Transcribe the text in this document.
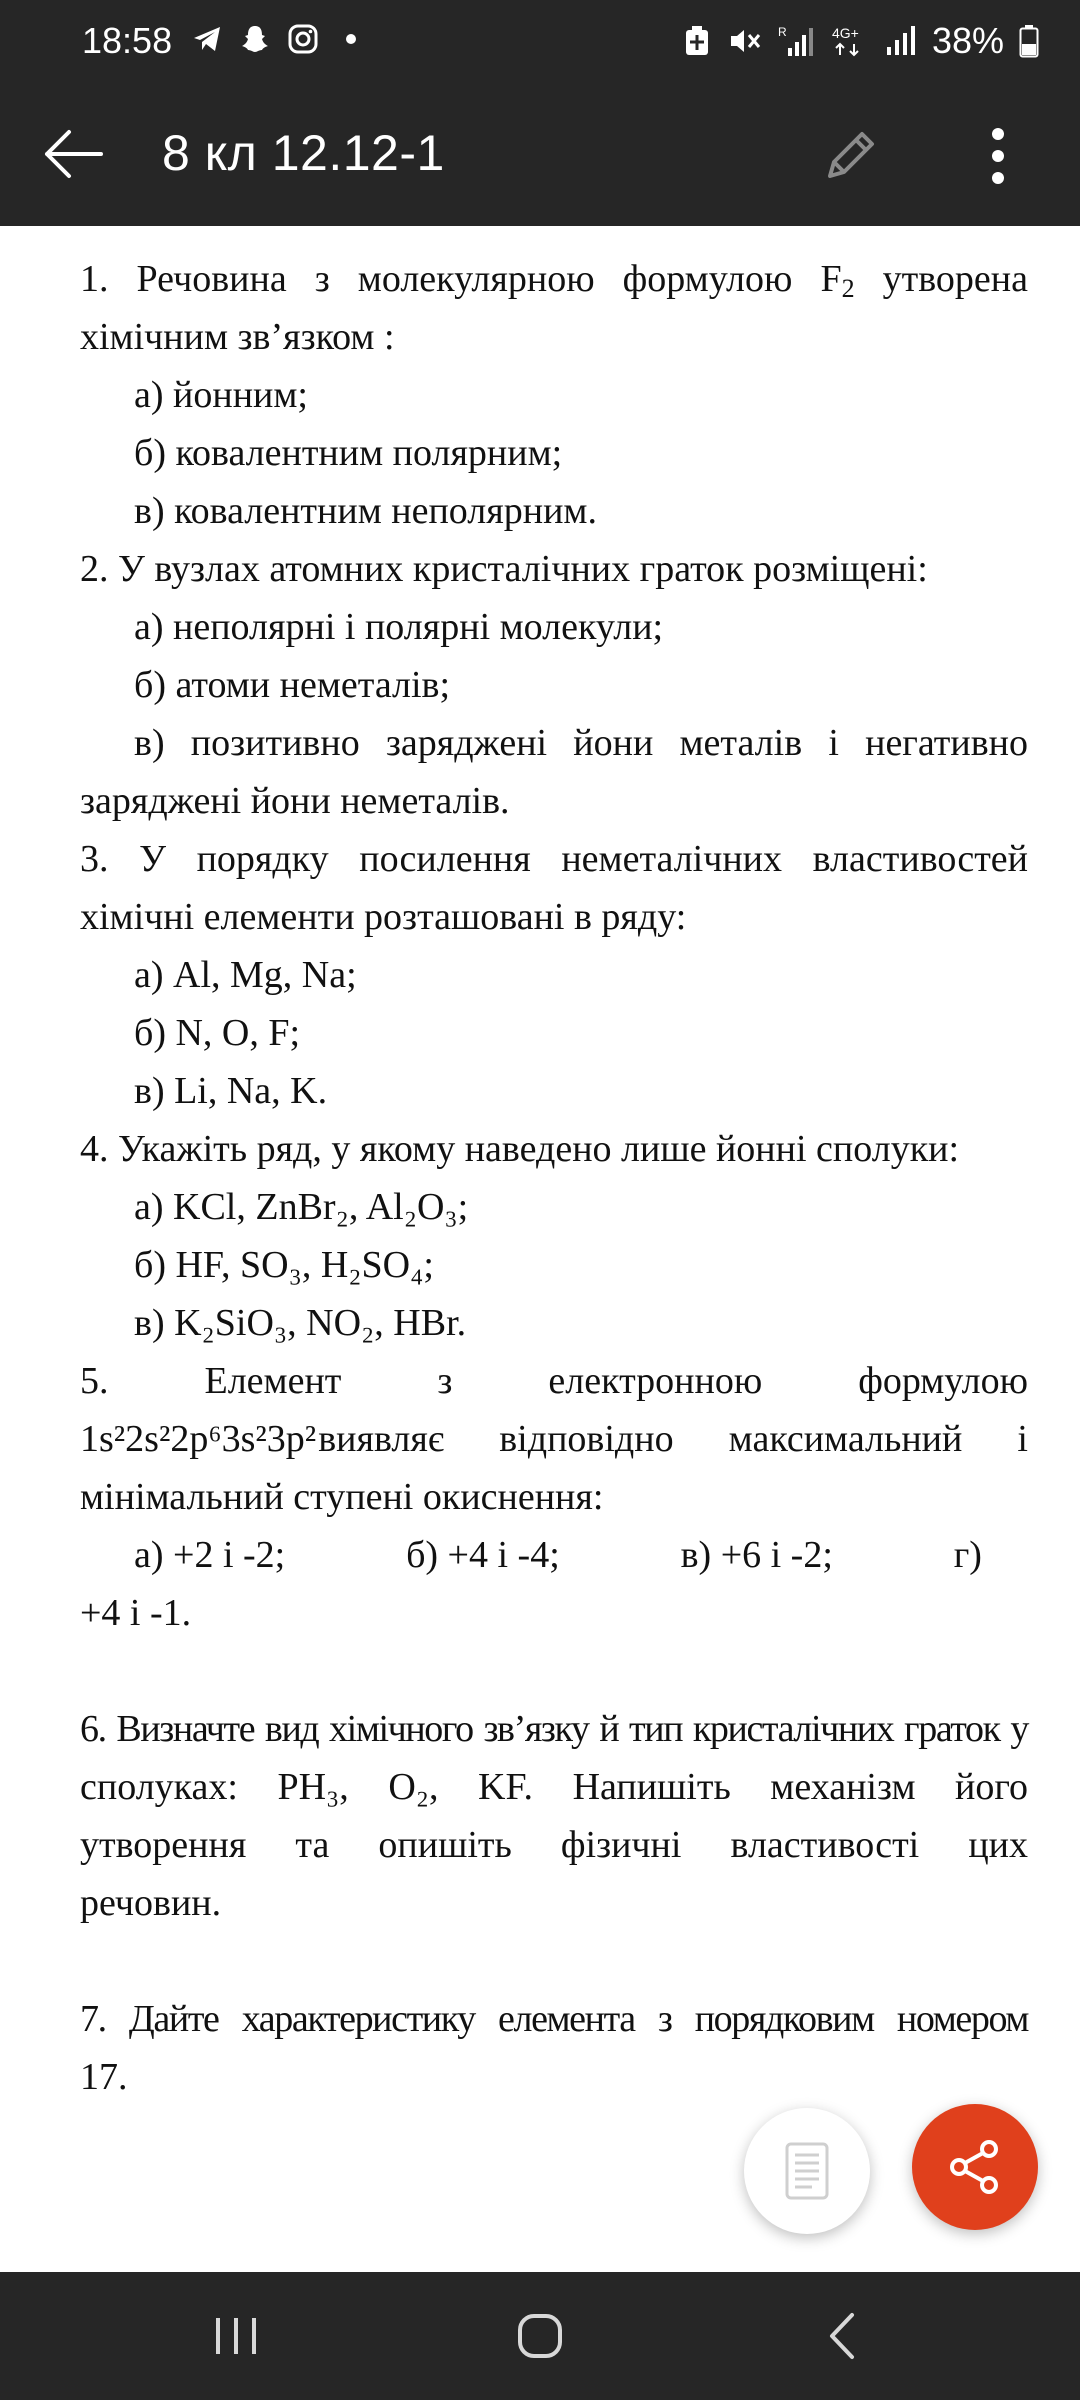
18:58	R	4G+ 38%
8 кл 12.12-1

1. Речовина з молекулярною формулою $F_2$ утворена

хімічним зв’язком :

а) йонним;

б) ковалентним полярним;

в) ковалентним неполярним.

2. У вузлах атомних кристалічних граток розміщені:

а) неполярні і полярні молекули;

б) атоми неметалів;

в) позитивно заряджені йони металів і негативно

заряджені йони неметалів.

3. У порядку посилення неметалічних властивостей

хімічні елементи розташовані в ряду:

а) Al, Mg, Na;

б) N, O, F;

в) Li, Na, K.

4. Укажіть ряд, у якому наведено лише йонні сполуки:

а) KCl, ZnBr₂, Al₂O₃;

б) HF, SO₃, H₂SO₄;

в) K₂SiO₃, NO₂, HBr.

5. Елемент з електронною формулою

1s²2s²2p⁶3s²3p² виявляє відповідно максимальний і

мінімальний ступені окиснення:

а) +2 і -2;	б) +4 і -4;	в) +6 і -2;	г)

+4 і -1.

6. Визначте вид хімічного зв’язку й тип кристалічних граток у

сполуках: PH₃, O₂, KF. Напишіть механізм його

утворення та опишіть фізичні властивості цих

речовин.

7. Дайте характеристику елемента з порядковим номером

17.
